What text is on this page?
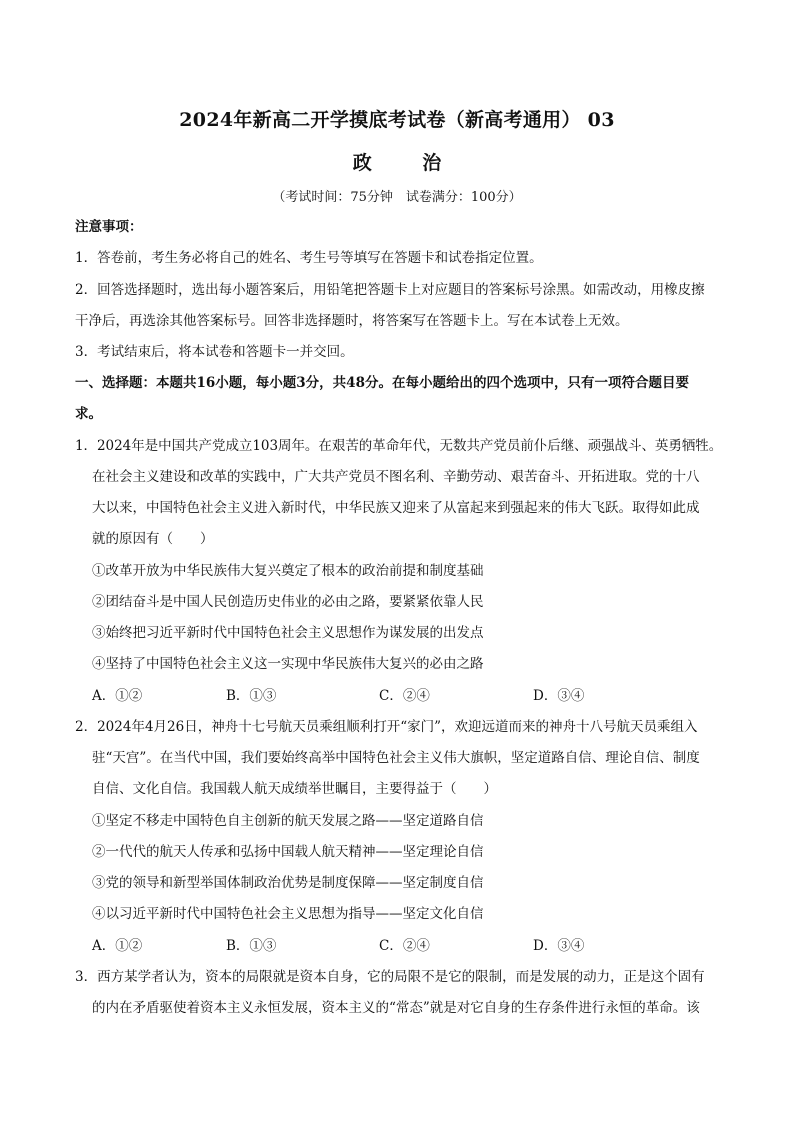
2024年新高二开学摸底考试卷（新高考通用） 03
政 治
（考试时间：75分钟　试卷满分：100分）
注意事项：
1．答卷前，考生务必将自己的姓名、考生号等填写在答题卡和试卷指定位置。
2．回答选择题时，选出每小题答案后，用铅笔把答题卡上对应题目的答案标号涂黑。如需改动，用橡皮擦
干净后，再选涂其他答案标号。回答非选择题时，将答案写在答题卡上。写在本试卷上无效。
3．考试结束后，将本试卷和答题卡一并交回。
一、选择题：本题共16小题，每小题3分，共48分。在每小题给出的四个选项中，只有一项符合题目要
求。
1．2024年是中国共产党成立103周年。在艰苦的革命年代，无数共产党员前仆后继、顽强战斗、英勇牺牲。
在社会主义建设和改革的实践中，广大共产党员不图名利、辛勤劳动、艰苦奋斗、开拓进取。党的十八
大以来，中国特色社会主义进入新时代，中华民族又迎来了从富起来到强起来的伟大飞跃。取得如此成
就的原因有（　　）
①改革开放为中华民族伟大复兴奠定了根本的政治前提和制度基础
②团结奋斗是中国人民创造历史伟业的必由之路，要紧紧依靠人民
③始终把习近平新时代中国特色社会主义思想作为谋发展的出发点
④坚持了中国特色社会主义这一实现中华民族伟大复兴的必由之路
A．①②	B．①③	C．②④	D．③④
2．2024年4月26日，神舟十七号航天员乘组顺利打开“家门”，欢迎远道而来的神舟十八号航天员乘组入
驻“天宫”。在当代中国，我们要始终高举中国特色社会主义伟大旗帜，坚定道路自信、理论自信、制度
自信、文化自信。我国载人航天成绩举世瞩目，主要得益于（　　）
①坚定不移走中国特色自主创新的航天发展之路——坚定道路自信
②一代代的航天人传承和弘扬中国载人航天精神——坚定理论自信
③党的领导和新型举国体制政治优势是制度保障——坚定制度自信
④以习近平新时代中国特色社会主义思想为指导——坚定文化自信
A．①②	B．①③	C．②④	D．③④
3．西方某学者认为，资本的局限就是资本自身，它的局限不是它的限制，而是发展的动力，正是这个固有
的内在矛盾驱使着资本主义永恒发展，资本主义的“常态”就是对它自身的生存条件进行永恒的革命。该
